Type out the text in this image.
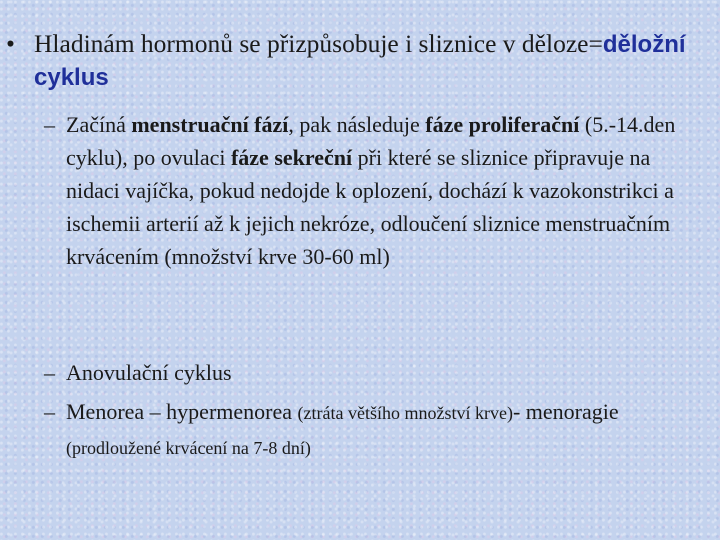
• Hladinám hormonů se přizpůsobuje i sliznice v děloze=děložní cyklus
– Začíná menstruační fází, pak následuje fáze proliferační (5.-14.den cyklu), po ovulaci fáze sekreční při které se sliznice připravuje na nidaci vajíčka, pokud nedojde k oplození, dochází k vazokonstrikci a ischemii arterií až k jejich nekróze, odloučení sliznice menstruačním krvácením (množství krve 30-60 ml)
– Anovulační cyklus
– Menorea – hypermenorea (ztráta většího množství krve)- menoragie (prodloužené krvácení na 7-8 dní)
